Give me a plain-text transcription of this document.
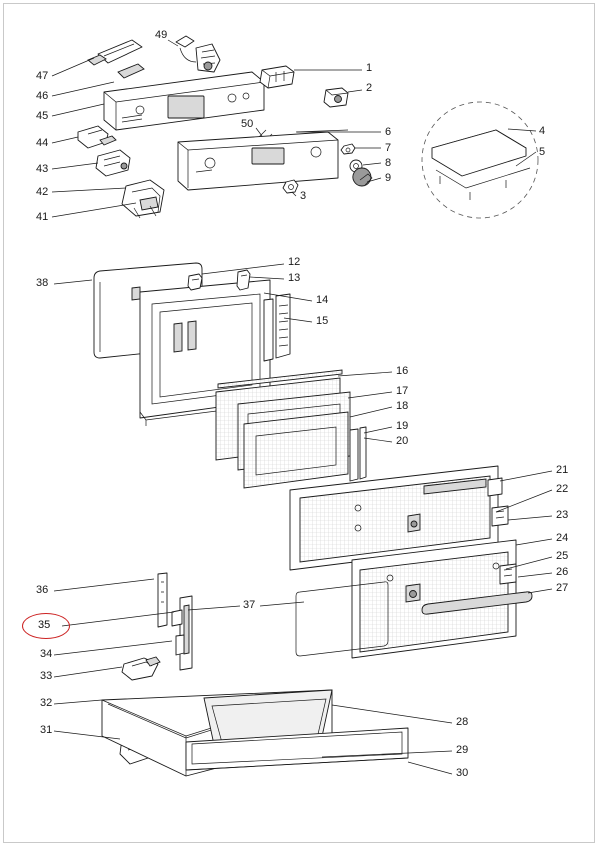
1
2
3
4
5
6
7
8
9
12
13
14
15
16
17
18
19
20
21
22
23
24
25
26
27
28
29
30
31
32
33
34
35
36
37
38
41
42
43
44
45
46
47
49
50
